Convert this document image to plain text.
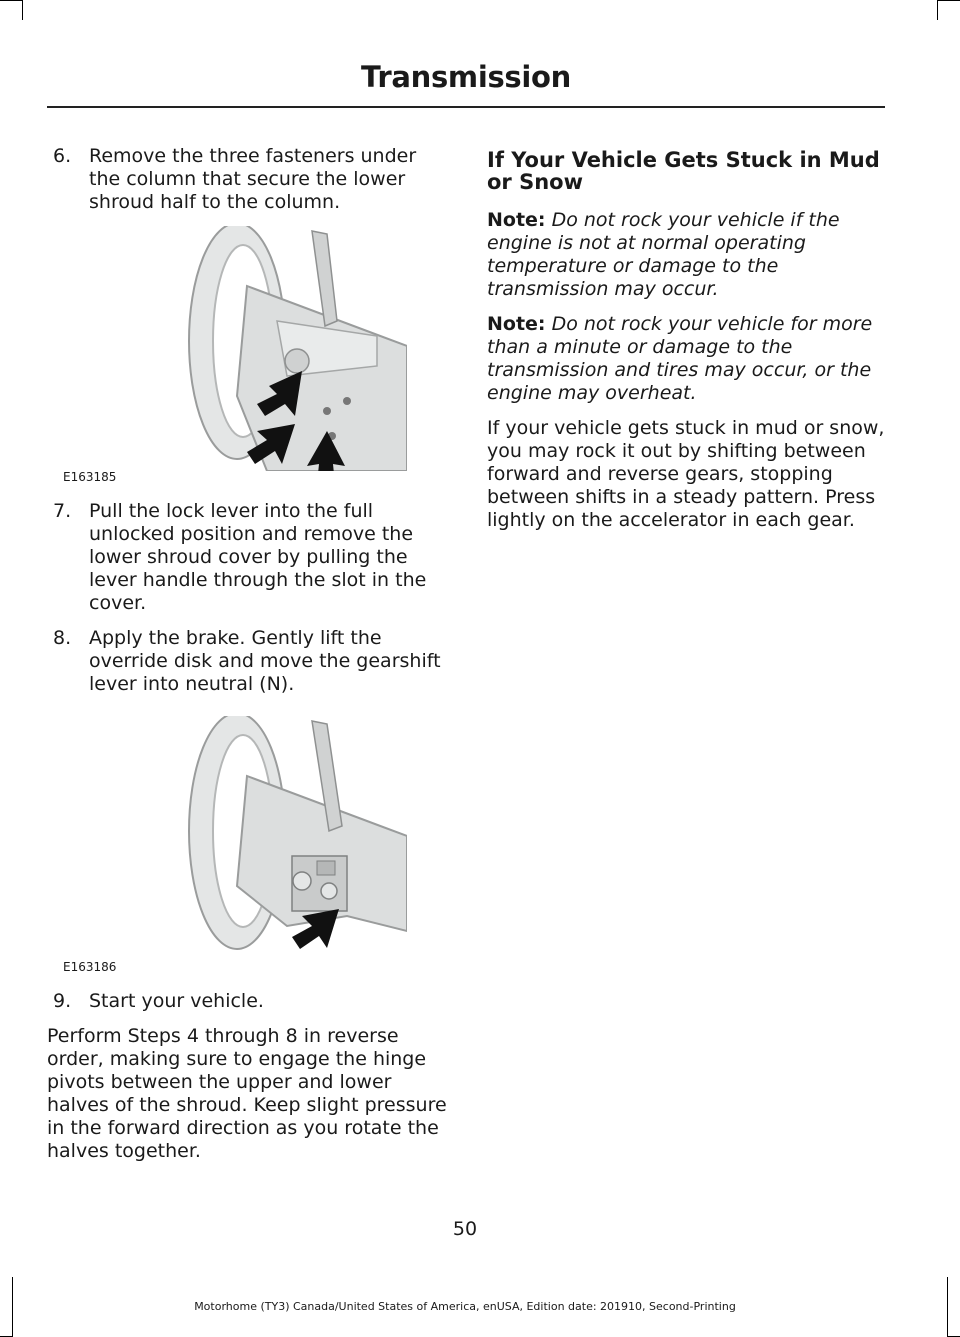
Transmission
6. Remove the three fasteners under the column that secure the lower shroud half to the column.
E163185
7. Pull the lock lever into the full unlocked position and remove the lower shroud cover by pulling the lever handle through the slot in the cover.
8. Apply the brake. Gently lift the override disk and move the gearshift lever into neutral (N).
E163186
9. Start your vehicle.

Perform Steps 4 through 8 in reverse order, making sure to engage the hinge pivots between the upper and lower halves of the shroud. Keep slight pressure in the forward direction as you rotate the halves together.

If Your Vehicle Gets Stuck in Mud or Snow

Note: Do not rock your vehicle if the engine is not at normal operating temperature or damage to the transmission may occur.

Note: Do not rock your vehicle for more than a minute or damage to the transmission and tires may occur, or the engine may overheat.

If your vehicle gets stuck in mud or snow, you may rock it out by shifting between forward and reverse gears, stopping between shifts in a steady pattern. Press lightly on the accelerator in each gear.

50
Motorhome (TY3) Canada/United States of America, enUSA, Edition date: 201910, Second-Printing
